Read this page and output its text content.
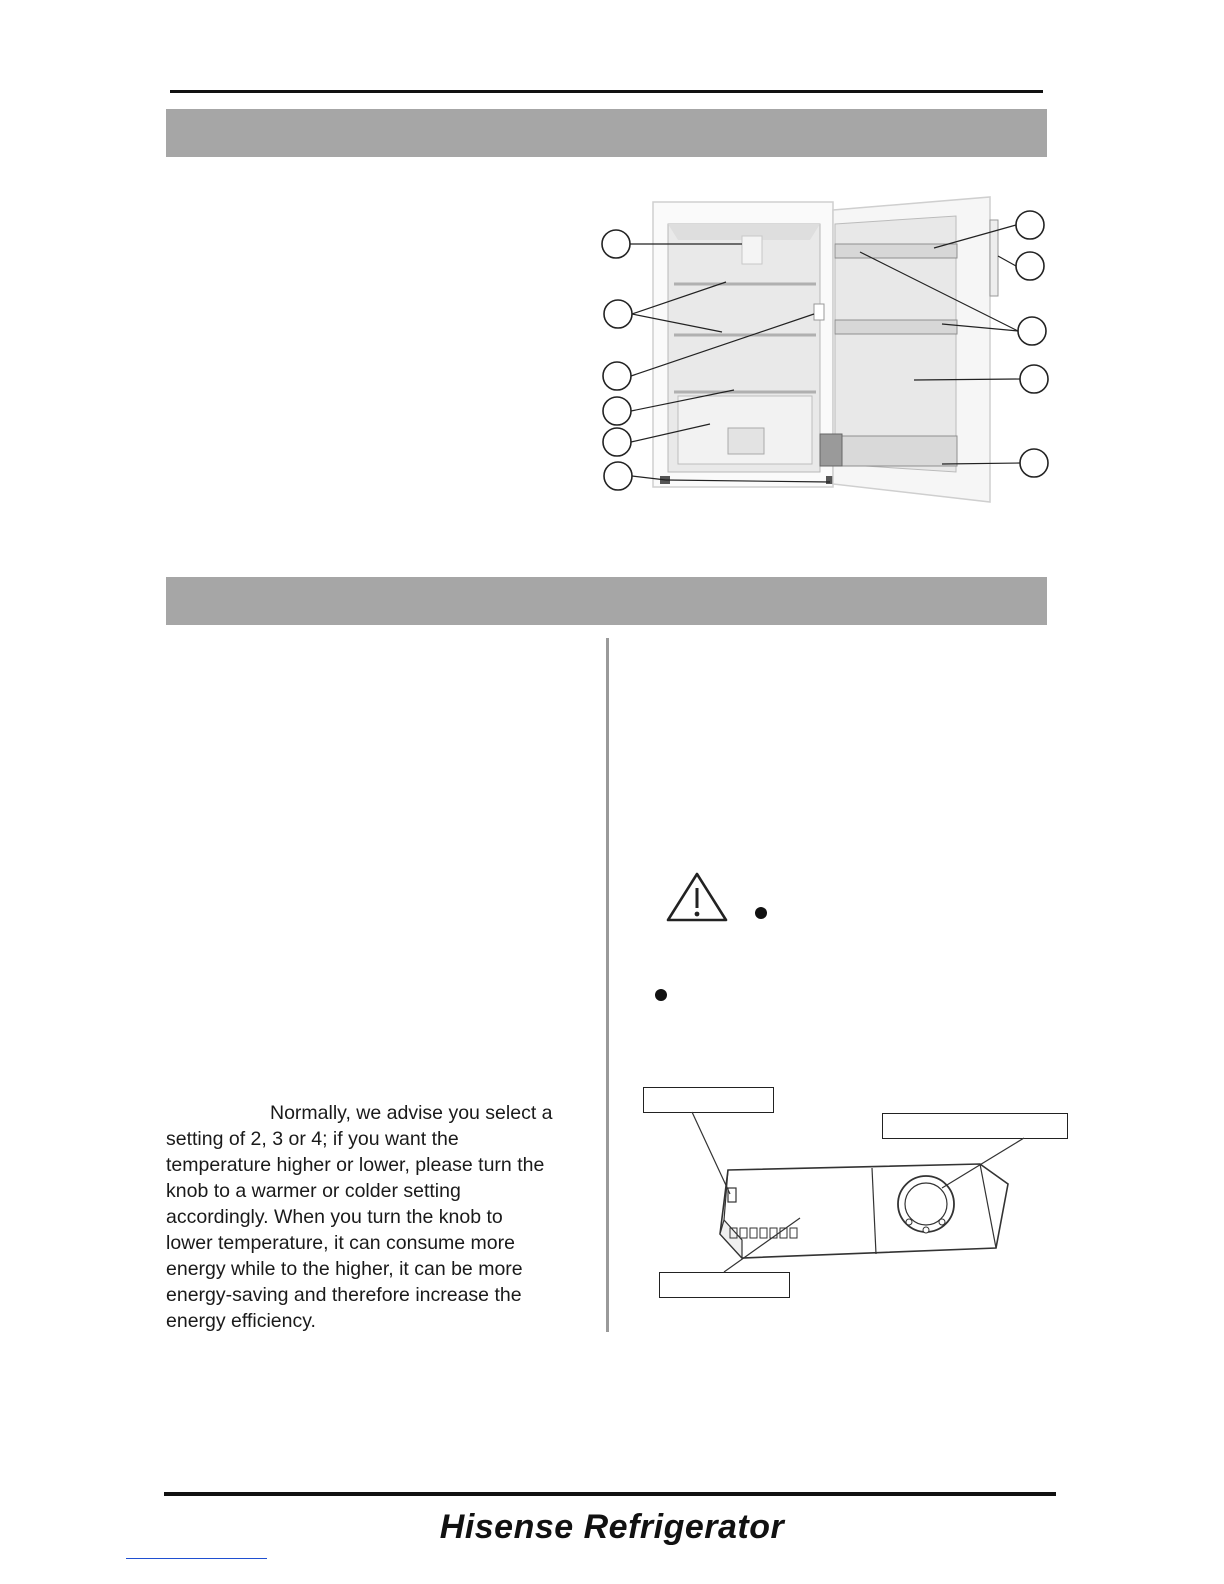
Normally, we advise you select a
setting of 2, 3 or 4; if you want the
temperature higher or lower, please turn the
knob to a warmer or colder setting
accordingly. When you turn the knob to
lower temperature, it can consume more
energy while to the higher, it can be more
energy-saving and therefore increase the
energy efficiency.

Hisense Refrigerator
